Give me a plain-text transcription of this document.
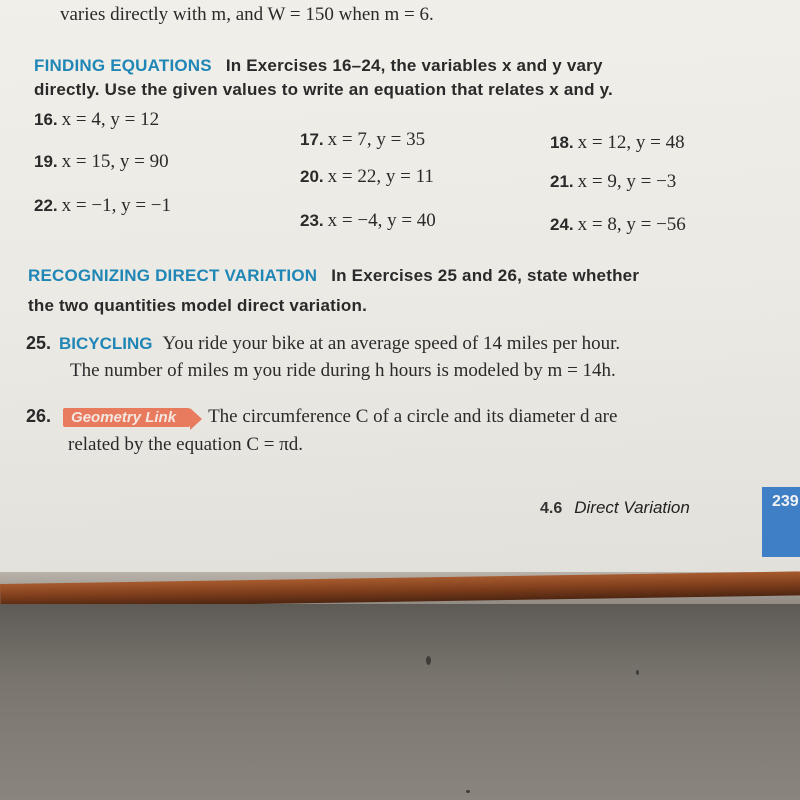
varies directly with m, and W = 150 when m = 6.
FINDING EQUATIONS In Exercises 16–24, the variables x and y vary
directly. Use the given values to write an equation that relates x and y.
16. x = 4, y = 12
17. x = 7, y = 35	18. x = 12, y = 48
19. x = 15, y = 90
20. x = 22, y = 11	21. x = 9, y = −3
22. x = −1, y = −1
23. x = −4, y = 40	24. x = 8, y = −56
RECOGNIZING DIRECT VARIATION In Exercises 25 and 26, state whether
the two quantities model direct variation.
25. BICYCLING You ride your bike at an average speed of 14 miles per hour.
The number of miles m you ride during h hours is modeled by m = 14h.
26. Geometry Link The circumference C of a circle and its diameter d are
related by the equation C = πd.
4.6 Direct Variation	239
